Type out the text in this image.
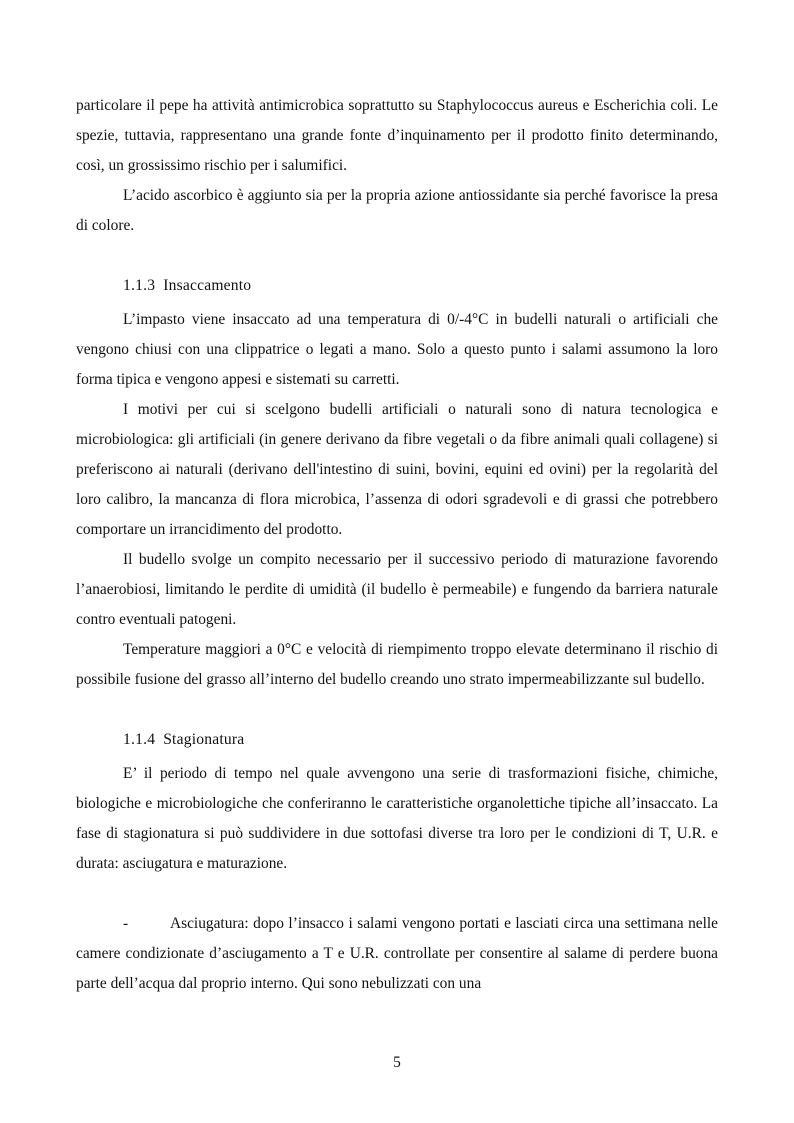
particolare il pepe ha attività antimicrobica soprattutto su Staphylococcus aureus e Escherichia coli. Le spezie, tuttavia, rappresentano una grande fonte d’inquinamento per il prodotto finito determinando, così, un grossissimo rischio per i salumifici.

L’acido ascorbico è aggiunto sia per la propria azione antiossidante sia perché favorisce la presa di colore.

1.1.3 Insaccamento

L’impasto viene insaccato ad una temperatura di 0/-4°C in budelli naturali o artificiali che vengono chiusi con una clippatrice o legati a mano. Solo a questo punto i salami assumono la loro forma tipica e vengono appesi e sistemati su carretti.

I motivi per cui si scelgono budelli artificiali o naturali sono di natura tecnologica e microbiologica: gli artificiali (in genere derivano da fibre vegetali o da fibre animali quali collagene) si preferiscono ai naturali (derivano dell'intestino di suini, bovini, equini ed ovini) per la regolarità del loro calibro, la mancanza di flora microbica, l’assenza di odori sgradevoli e di grassi che potrebbero comportare un irrancidimento del prodotto.

Il budello svolge un compito necessario per il successivo periodo di maturazione favorendo l’anaerobiosi, limitando le perdite di umidità (il budello è permeabile) e fungendo da barriera naturale contro eventuali patogeni.

Temperature maggiori a 0°C e velocità di riempimento troppo elevate determinano il rischio di possibile fusione del grasso all’interno del budello creando uno strato impermeabilizzante sul budello.

1.1.4 Stagionatura

E’ il periodo di tempo nel quale avvengono una serie di trasformazioni fisiche, chimiche, biologiche e microbiologiche che conferiranno le caratteristiche organolettiche tipiche all’insaccato. La fase di stagionatura si può suddividere in due sottofasi diverse tra loro per le condizioni di T, U.R. e durata: asciugatura e maturazione.

-	Asciugatura: dopo l’insacco i salami vengono portati e lasciati circa una settimana nelle camere condizionate d’asciugamento a T e U.R. controllate per consentire al salame di perdere buona parte dell’acqua dal proprio interno. Qui sono nebulizzati con una

5
